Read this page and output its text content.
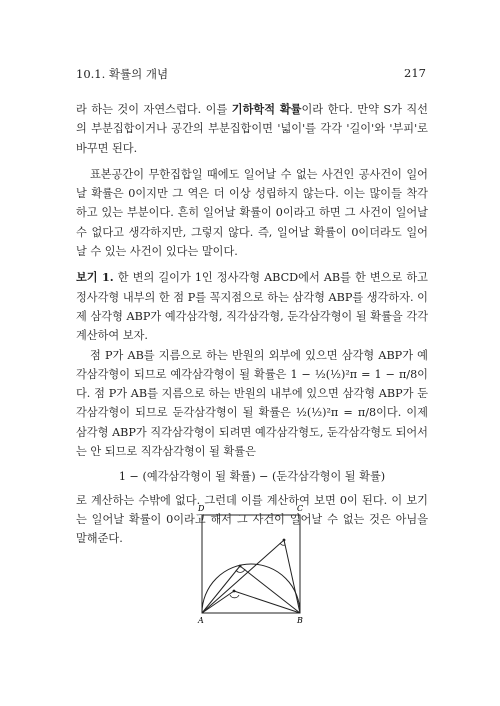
10.1. 확률의 개념	217

라 하는 것이 자연스럽다. 이를 기하학적 확률이라 한다. 만약 S가 직선의 부분집합이거나 공간의 부분집합이면 '넓이'를 각각 '길이'와 '부피'로 바꾸면 된다.

표본공간이 무한집합일 때에도 일어날 수 없는 사건인 공사건이 일어날 확률은 0이지만 그 역은 더 이상 성립하지 않는다. 이는 많이들 착각하고 있는 부분이다. 흔히 일어날 확률이 0이라고 하면 그 사건이 일어날 수 없다고 생각하지만, 그렇지 않다. 즉, 일어날 확률이 0이더라도 일어날 수 있는 사건이 있다는 말이다.

보기 1. 한 변의 길이가 1인 정사각형 ABCD에서 AB를 한 변으로 하고 정사각형 내부의 한 점 P를 꼭지점으로 하는 삼각형 ABP를 생각하자. 이제 삼각형 ABP가 예각삼각형, 직각삼각형, 둔각삼각형이 될 확률을 각각 계산하여 보자.

점 P가 AB를 지름으로 하는 반원의 외부에 있으면 삼각형 ABP가 예각삼각형이 되므로 예각삼각형이 될 확률은 1 − ½(½)²π = 1 − π/8이다. 점 P가 AB를 지름으로 하는 반원의 내부에 있으면 삼각형 ABP가 둔각삼각형이 되므로 둔각삼각형이 될 확률은 ½(½)²π = π/8이다. 이제 삼각형 ABP가 직각삼각형이 되려면 예각삼각형도, 둔각삼각형도 되어서는 안 되므로 직각삼각형이 될 확률은

1 − (예각삼각형이 될 확률) − (둔각삼각형이 될 확률)

로 계산하는 수밖에 없다. 그런데 이를 계산하여 보면 0이 된다. 이 보기는 일어날 확률이 0이라고 해서 그 사건이 일어날 수 없는 것은 아님을 말해준다.

A	B
C
D
